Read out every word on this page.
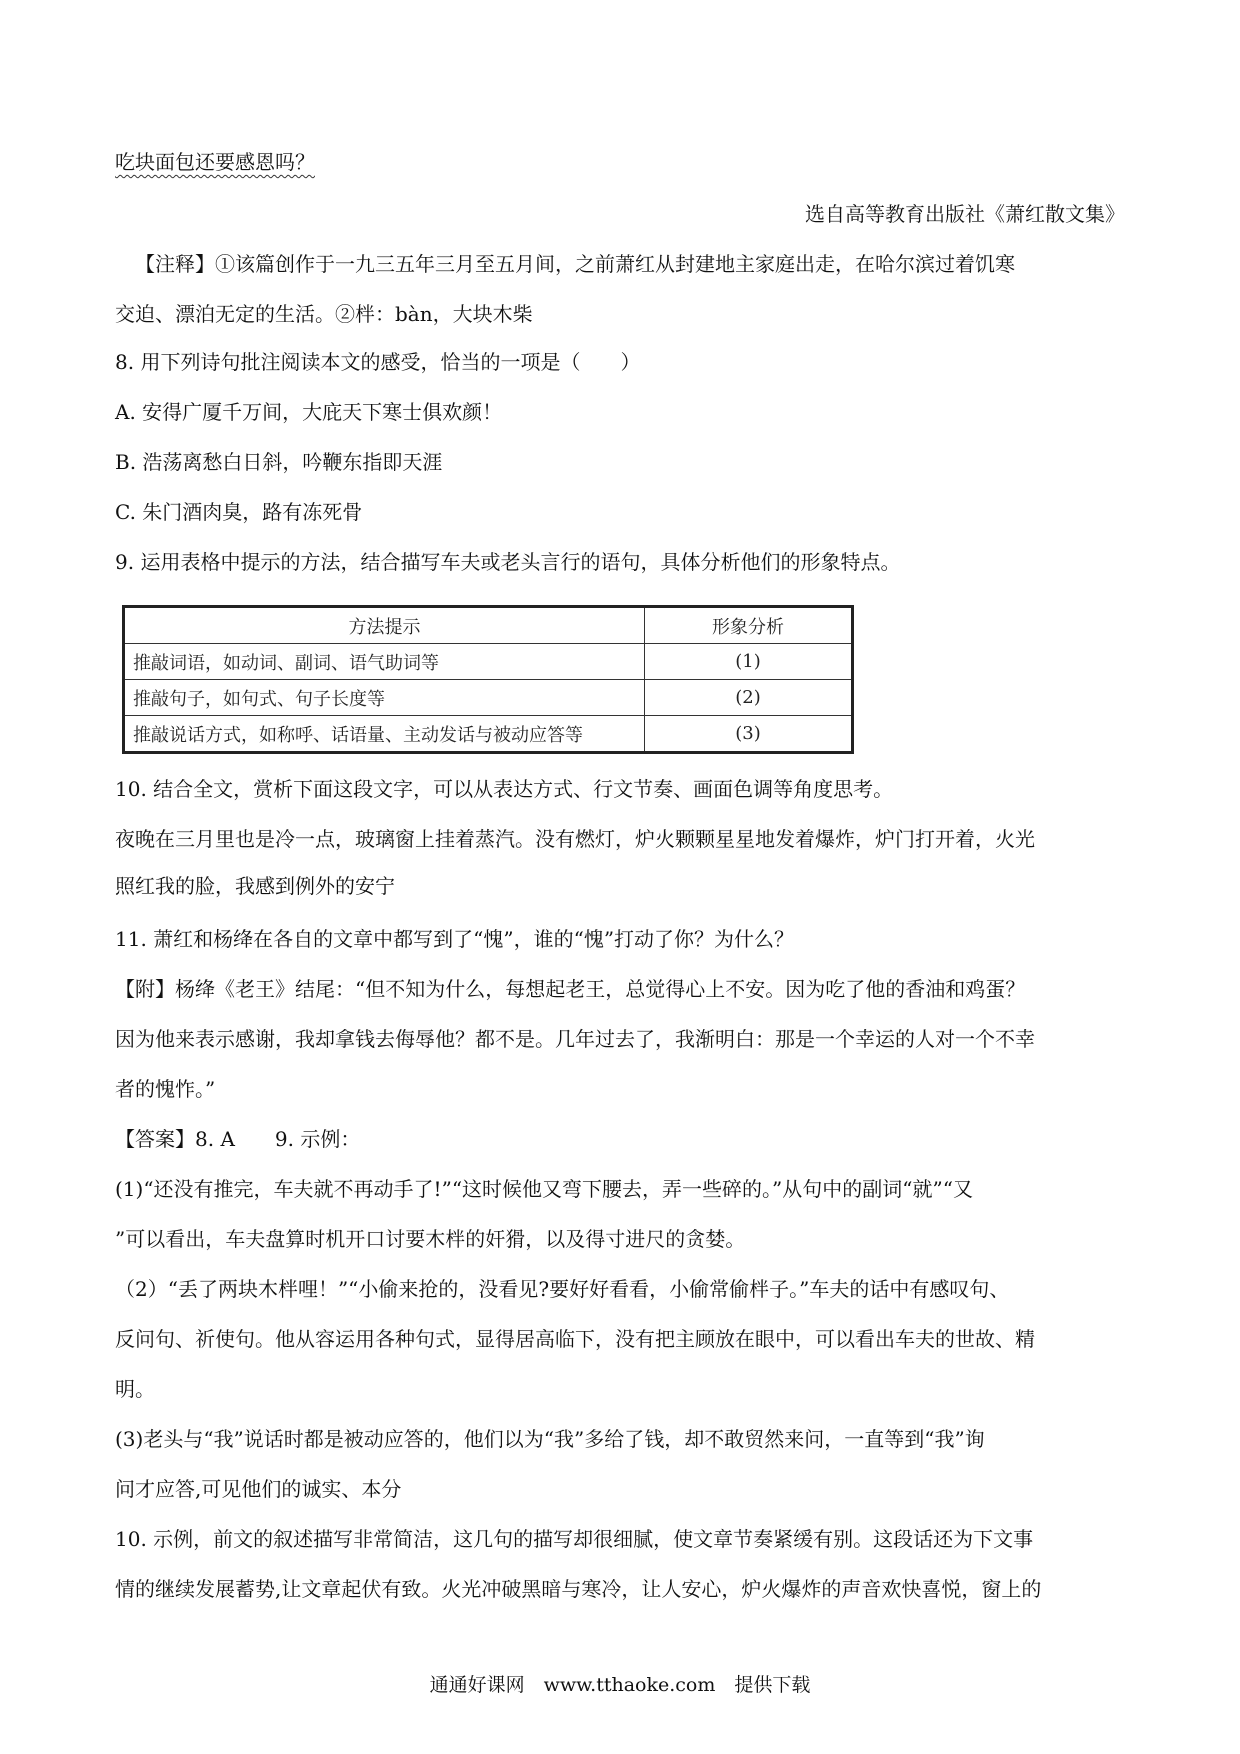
吃块面包还要感恩吗？
选自高等教育出版社《萧红散文集》
【注释】①该篇创作于一九三五年三月至五月间，之前萧红从封建地主家庭出走，在哈尔滨过着饥寒
交迫、漂泊无定的生活。②柈：bàn，大块木柴
8. 用下列诗句批注阅读本文的感受，恰当的一项是（　　）
A. 安得广厦千万间，大庇天下寒士俱欢颜！
B. 浩荡离愁白日斜，吟鞭东指即天涯
C. 朱门酒肉臭，路有冻死骨
9. 运用表格中提示的方法，结合描写车夫或老头言行的语句，具体分析他们的形象特点。
方法提示	形象分析
推敲词语，如动词、副词、语气助词等	(1)
推敲句子，如句式、句子长度等	(2)
推敲说话方式，如称呼、话语量、主动发话与被动应答等	(3)
10. 结合全文，赏析下面这段文字，可以从表达方式、行文节奏、画面色调等角度思考。
夜晚在三月里也是冷一点，玻璃窗上挂着蒸汽。没有燃灯，炉火颗颗星星地发着爆炸，炉门打开着，火光
照红我的脸，我感到例外的安宁
11. 萧红和杨绛在各自的文章中都写到了“愧”，谁的“愧”打动了你？为什么？
【附】杨绛《老王》结尾：“但不知为什么，每想起老王，总觉得心上不安。因为吃了他的香油和鸡蛋？
因为他来表示感谢，我却拿钱去侮辱他？都不是。几年过去了，我渐明白：那是一个幸运的人对一个不幸
者的愧怍。”
【答案】8. A　　9. 示例：
(1)“还没有推完，车夫就不再动手了!”“这时候他又弯下腰去，弄一些碎的。”从句中的副词“就”“又
”可以看出，车夫盘算时机开口讨要木柈的奸猾，以及得寸进尺的贪婪。
（2）“丢了两块木柈哩！”“小偷来抢的，没看见?要好好看看，小偷常偷柈子。”车夫的话中有感叹句、
反问句、祈使句。他从容运用各种句式，显得居高临下，没有把主顾放在眼中，可以看出车夫的世故、精
明。
(3)老头与“我”说话时都是被动应答的，他们以为“我”多给了钱，却不敢贸然来问，一直等到“我”询
问才应答,可见他们的诚实、本分
10. 示例，前文的叙述描写非常简洁，这几句的描写却很细腻，使文章节奏紧缓有别。这段话还为下文事
情的继续发展蓄势,让文章起伏有致。火光冲破黑暗与寒冷，让人安心，炉火爆炸的声音欢快喜悦，窗上的
通通好课网　www.tthaoke.com　提供下载
